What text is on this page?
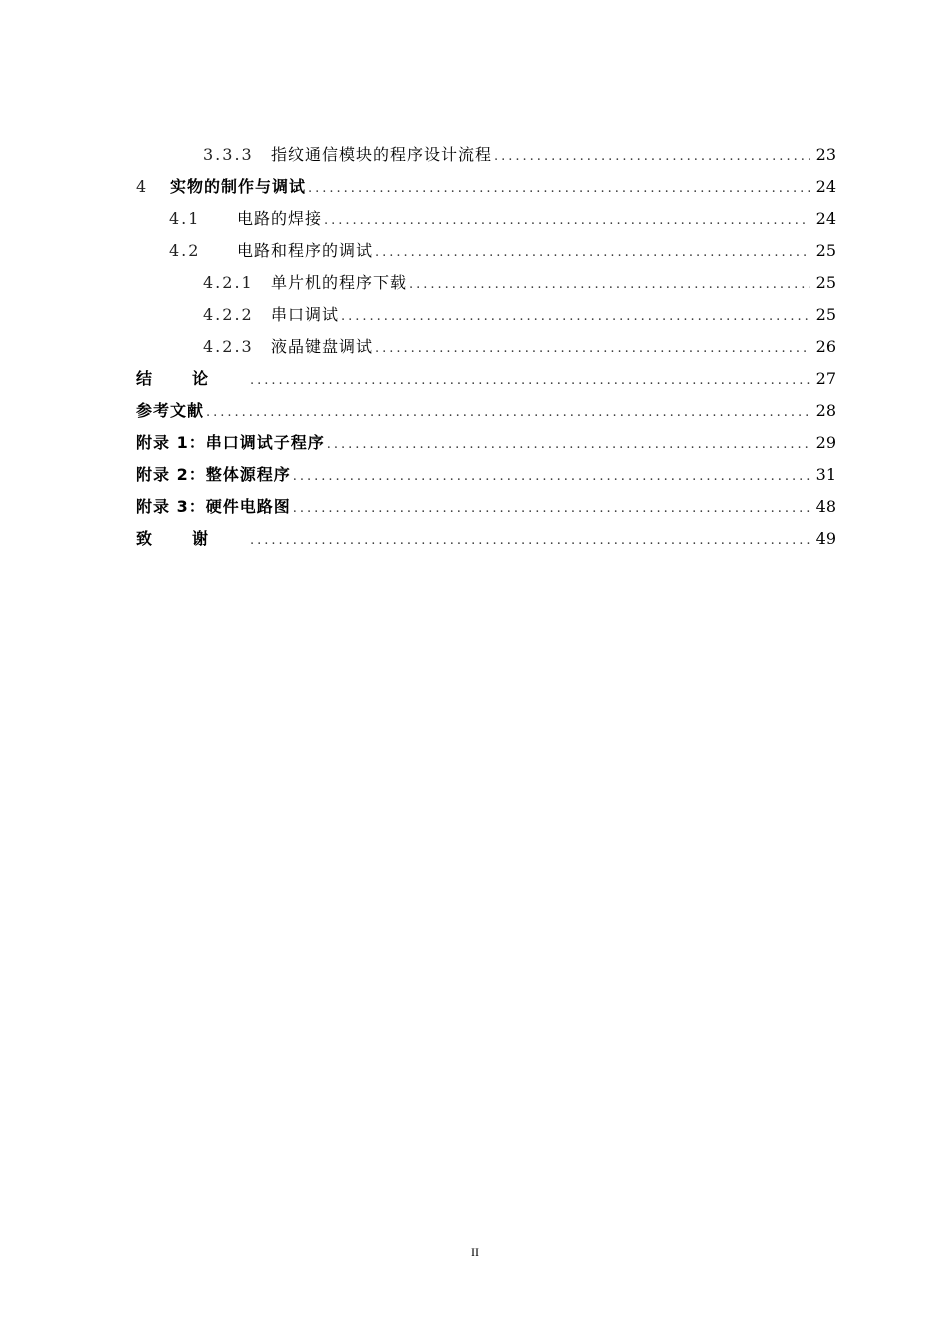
3.3.3	指纹通信模块的程序设计流程 .....	23
4	实物的制作与调试 .....	24
4.1	电路的焊接 .....	24
4.2	电路和程序的调试 .....	25
4.2.1	单片机的程序下载 .....	25
4.2.2	串口调试 .....	25
4.2.3	液晶键盘调试 .....	26
结论 .....	27
参考文献 .....	28
附录 1：串口调试子程序 .....	29
附录 2：整体源程序 .....	31
附录 3：硬件电路图 .....	48
致谢 .....	49
II
